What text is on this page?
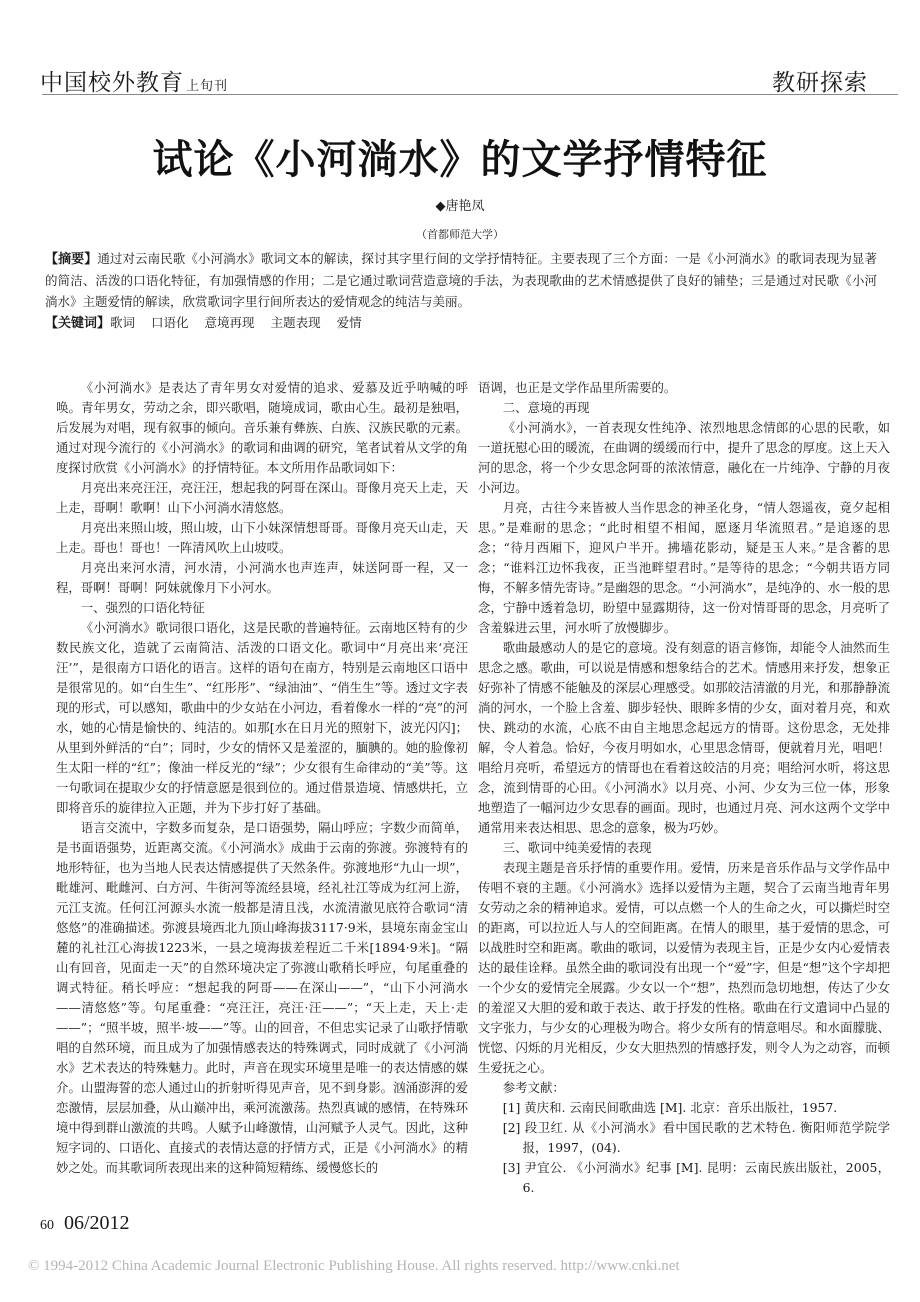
中国校外教育 上旬刊	教研探索
试论《小河淌水》的文学抒情特征
◆唐艳凤
（首都师范大学）
【摘要】通过对云南民歌《小河淌水》歌词文本的解读，探讨其字里行间的文学抒情特征。主要表现了三个方面：一是《小河淌水》的歌词表现为显著的简洁、活泼的口语化特征，有加强情感的作用；二是它通过歌词营造意境的手法，为表现歌曲的艺术情感提供了良好的铺垫；三是通过对民歌《小河淌水》主题爱情的解读，欣赏歌词字里行间所表达的爱情观念的纯洁与美丽。
【关键词】歌词 口语化 意境再现 主题表现 爱情

《小河淌水》是表达了青年男女对爱情的追求、爱慕及近乎呐喊的呼唤。青年男女，劳动之余，即兴歌唱，随境成词，歌由心生。最初是独唱，后发展为对唱，现有叙事的倾向。音乐兼有彝族、白族、汉族民歌的元素。通过对现今流行的《小河淌水》的歌词和曲调的研究，笔者试着从文学的角度探讨欣赏《小河淌水》的抒情特征。本文所用作品歌词如下：

月亮出来亮汪汪，亮汪汪，想起我的阿哥在深山。哥像月亮天上走，天上走，哥啊！歌啊！山下小河淌水清悠悠。

月亮出来照山坡，照山坡，山下小妹深情想哥哥。哥像月亮天山走，天上走。哥也！哥也！一阵清风吹上山坡哎。

月亮出来河水清，河水清，小河淌水也声连声，妹送阿哥一程，又一程，哥啊！哥啊！阿妹就像月下小河水。

一、强烈的口语化特征

《小河淌水》歌词很口语化，这是民歌的普遍特征。云南地区特有的少数民族文化，造就了云南简洁、活泼的口语文化。歌词中“月亮出来‘亮汪汪’”，是很南方口语化的语言。这样的语句在南方，特别是云南地区口语中是很常见的。如“白生生”、“红彤彤”、“绿油油”、“俏生生”等。透过文字表现的形式，可以感知，歌曲中的少女站在小河边，看着像水一样的“亮”的河水，她的心情是愉快的、纯洁的。如那[水在日月光的照射下，波光闪闪]；从里到外鲜活的“白”；同时，少女的情怀又是羞涩的，腼腆的。她的脸像初生太阳一样的“红”；像油一样反光的“绿”；少女很有生命律动的“美”等。这一句歌词在提取少女的抒情意愿是很到位的。通过借景造境、情感烘托，立即将音乐的旋律拉入正题，并为下步打好了基础。

语言交流中，字数多而复杂，是口语强势，隔山呼应；字数少而简单，是书面语强势，近距离交流。《小河淌水》成曲于云南的弥渡。弥渡特有的地形特征，也为当地人民表达情感提供了天然条件。弥渡地形“九山一坝”，毗雄河、毗雌河、白方河、牛街河等流经县境，经礼社江等成为红河上游，元江支流。任何江河源头水流一般都是清且浅，水流清澈见底符合歌词“清悠悠”的准确描述。弥渡县境西北九顶山峰海拔3117·9米，县境东南金宝山麓的礼社江心海拔1223米，一县之境海拔差程近二千米[1894·9米]。“隔山有回音，见面走一天”的自然环境决定了弥渡山歌稍长呼应，句尾重叠的调式特征。稍长呼应：“想起我的阿哥——在深山——”，“山下小河淌水——清悠悠”等。句尾重叠：“亮汪汪，亮汪·汪——”；“天上走，天上·走——”；“照半坡，照半·坡——”等。山的回音，不但忠实记录了山歌抒情歌唱的自然环境，而且成为了加强情感表达的特殊调式，同时成就了《小河淌水》艺术表达的特殊魅力。此时，声音在现实环境里是唯一的表达情感的媒介。山盟海誓的恋人通过山的折射听得见声音，见不到身影。汹涌澎湃的爱恋激情，层层加叠，从山巅冲出，乘河流激荡。热烈真诚的感情，在特殊环境中得到群山激流的共鸣。人赋予山峰激情，山河赋予人灵气。因此，这种短字词的、口语化、直接式的表情达意的抒情方式，正是《小河淌水》的精妙之处。而其歌词所表现出来的这种简短精练、缓慢悠长的

语调，也正是文学作品里所需要的。

二、意境的再现

《小河淌水》，一首表现女性纯净、浓烈地思念情郎的心思的民歌，如一道抚慰心田的暖流，在曲调的缓缓而行中，提升了思念的厚度。这上天入河的思念，将一个少女思念阿哥的浓浓情意，融化在一片纯净、宁静的月夜小河边。

月亮，古往今来皆被人当作思念的神圣化身，“情人怨遥夜，竟夕起相思。”是难耐的思念；“此时相望不相闻，愿逐月华流照君。”是追逐的思念；“待月西厢下，迎风户半开。拂墙花影动，疑是玉人来。”是含蓄的思念；“谁料江边怀我夜，正当池畔望君时。”是等待的思念；“今朝共语方同悔，不解多情先寄诗。”是幽怨的思念。“小河淌水”，是纯净的、水一般的思念，宁静中透着急切，盼望中显露期待，这一份对情哥哥的思念，月亮听了含羞躲进云里，河水听了放慢脚步。

歌曲最感动人的是它的意境。没有刻意的语言修饰，却能令人油然而生思念之感。歌曲，可以说是情感和想象结合的艺术。情感用来抒发，想象正好弥补了情感不能触及的深层心理感受。如那皎洁清澈的月光，和那静静流淌的河水，一个脸上含羞、脚步轻快、眼眸多情的少女，面对着月亮，和欢快、跳动的水流，心底不由自主地思念起远方的情哥。这份思念，无处排解，令人着急。恰好，今夜月明如水，心里思念情哥，便就着月光，唱吧！唱给月亮听，希望远方的情哥也在看着这皎洁的月亮；唱给河水听，将这思念，流到情哥的心田。《小河淌水》以月亮、小河、少女为三位一体，形象地塑造了一幅河边少女思春的画面。现时，也通过月亮、河水这两个文学中通常用来表达相思、思念的意象，极为巧妙。

三、歌词中纯美爱情的表现

表现主题是音乐抒情的重要作用。爱情，历来是音乐作品与文学作品中传唱不衰的主题。《小河淌水》选择以爱情为主题，契合了云南当地青年男女劳动之余的精神追求。爱情，可以点燃一个人的生命之火，可以撕烂时空的距离，可以拉近人与人的空间距离。在情人的眼里，基于爱情的思念，可以战胜时空和距离。歌曲的歌词，以爱情为表现主旨，正是少女内心爱情表达的最佳诠释。虽然全曲的歌词没有出现一个“爱”字，但是“想”这个字却把一个少女的爱情完全展露。少女以一个“想”，热烈而急切地想，传达了少女的羞涩又大胆的爱和敢于表达、敢于抒发的性格。歌曲在行文遣词中凸显的文字张力，与少女的心理极为吻合。将少女所有的情意唱尽。和水面朦胧、恍惚、闪烁的月光相反，少女大胆热烈的情感抒发，则令人为之动容，而顿生爱抚之心。

参考文献：

[1] 黄庆和. 云南民间歌曲选 [M]. 北京：音乐出版社，1957.

[2] 段卫红. 从《小河淌水》看中国民歌的艺术特色. 衡阳师范学院学报，1997，(04).

[3] 尹宜公. 《小河淌水》纪事 [M]. 昆明：云南民族出版社，2005，6.

60 06/2012
© 1994-2012 China Academic Journal Electronic Publishing House. All rights reserved. http://www.cnki.net
